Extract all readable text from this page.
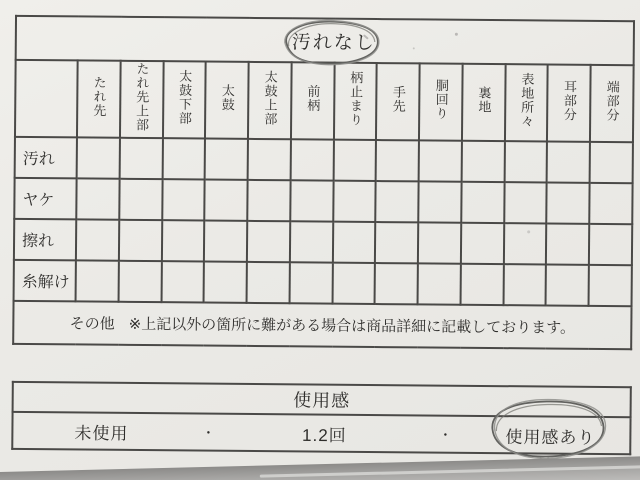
汚れなし													
	たれ先	たれ先上部	太鼓下部	太鼓	太鼓上部	前柄	柄止まり	手先	胴回り	裏地	表地所々	耳部分	端部分
汚れ													
ヤケ													
擦れ													
糸解け													
その他 ※上記以外の箇所に難がある場合は商品詳細に記載しております。													
使用感

未使用	・	1.2回	・	使用感あり
